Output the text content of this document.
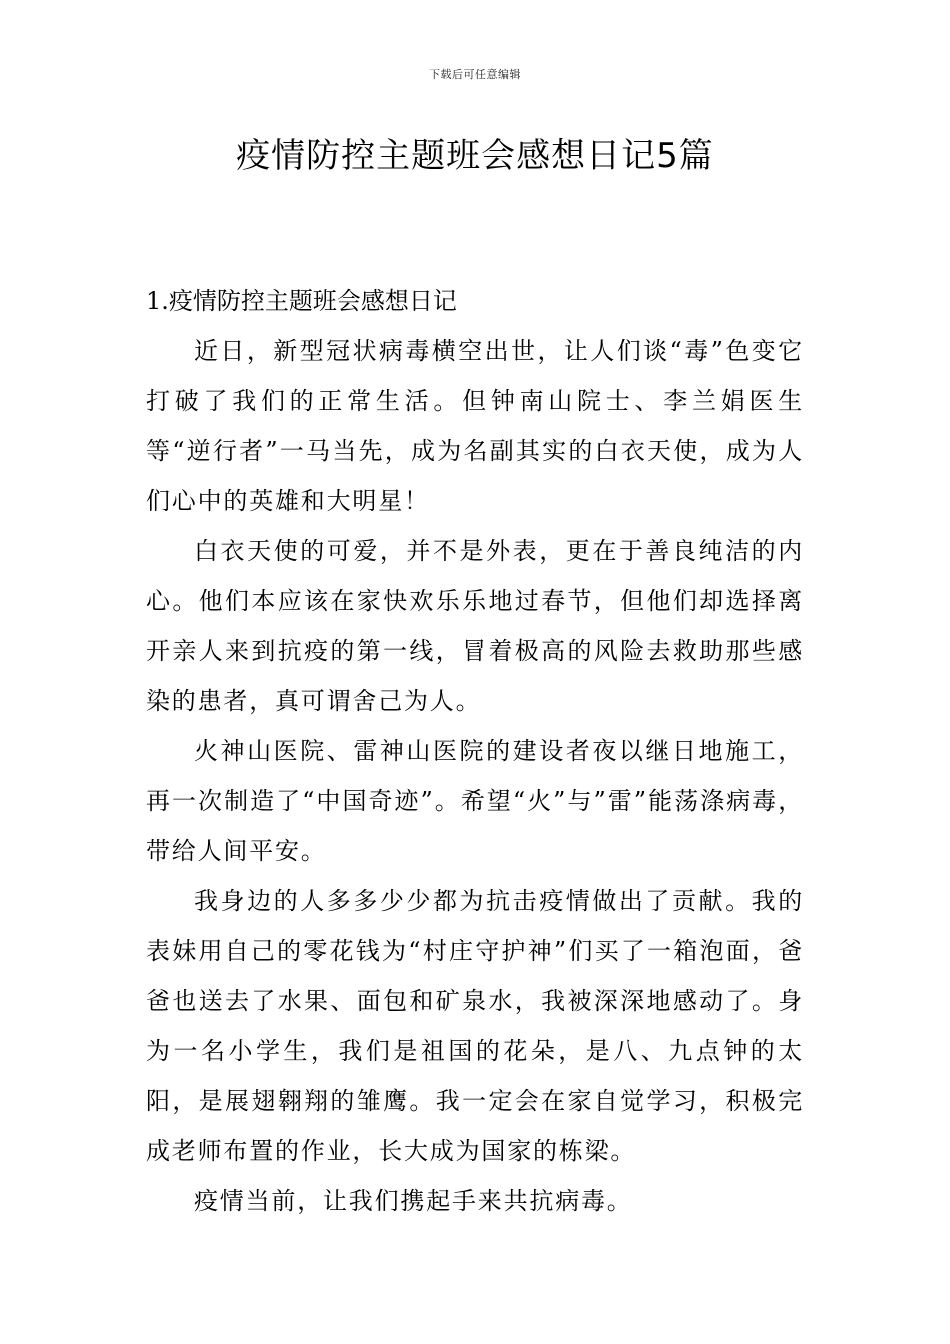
下载后可任意编辑
疫情防控主题班会感想日记5篇
1.疫情防控主题班会感想日记

近日，新型冠状病毒横空出世，让人们谈“毒”色变它打破了我们的正常生活。但钟南山院士、李兰娟医生等“逆行者”一马当先，成为名副其实的白衣天使，成为人们心中的英雄和大明星！

白衣天使的可爱，并不是外表，更在于善良纯洁的内心。他们本应该在家快欢乐乐地过春节，但他们却选择离开亲人来到抗疫的第一线，冒着极高的风险去救助那些感染的患者，真可谓舍己为人。

火神山医院、雷神山医院的建设者夜以继日地施工，再一次制造了“中国奇迹”。希望“火”与”雷”能荡涤病毒，带给人间平安。

我身边的人多多少少都为抗击疫情做出了贡献。我的表妹用自己的零花钱为“村庄守护神”们买了一箱泡面，爸爸也送去了水果、面包和矿泉水，我被深深地感动了。身为一名小学生，我们是祖国的花朵，是八、九点钟的太阳，是展翅翱翔的雏鹰。我一定会在家自觉学习，积极完成老师布置的作业，长大成为国家的栋梁。

疫情当前，让我们携起手来共抗病毒。
